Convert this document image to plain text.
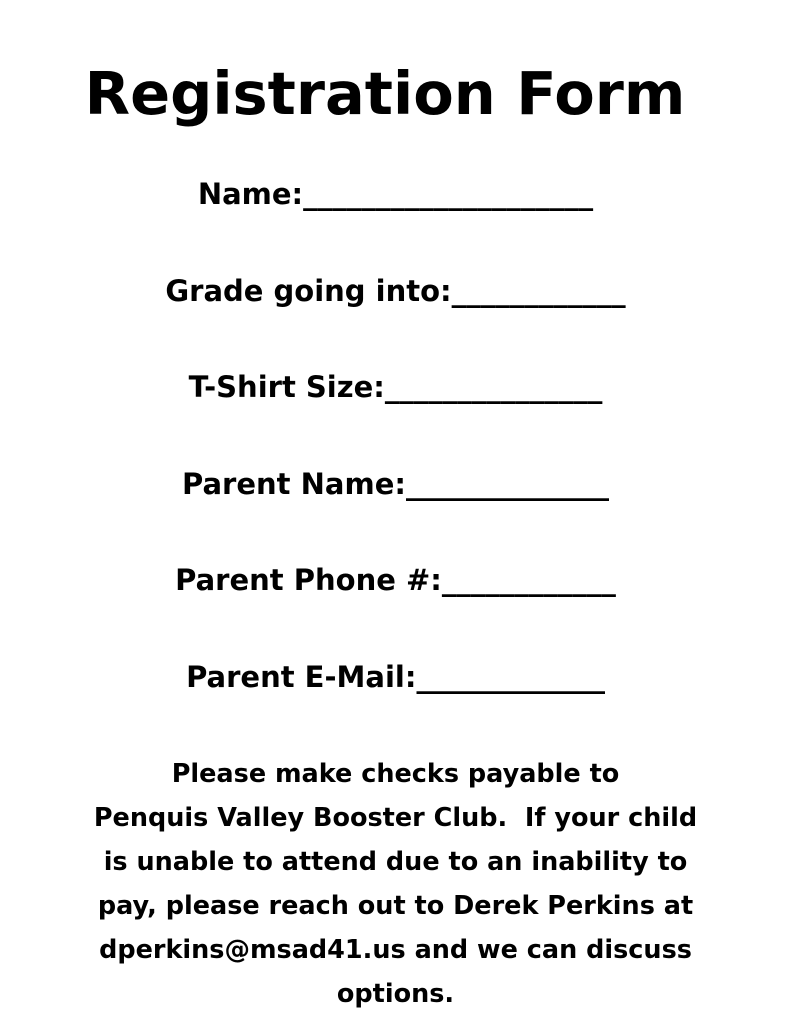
Registration Form
Name:____________________
Grade going into:____________
T-Shirt Size:_______________
Parent Name:______________
Parent Phone #:____________
Parent E-Mail:_____________
Please make checks payable to
Penquis Valley Booster Club.  If your child
is unable to attend due to an inability to
pay, please reach out to Derek Perkins at
dperkins@msad41.us and we can discuss
options.
